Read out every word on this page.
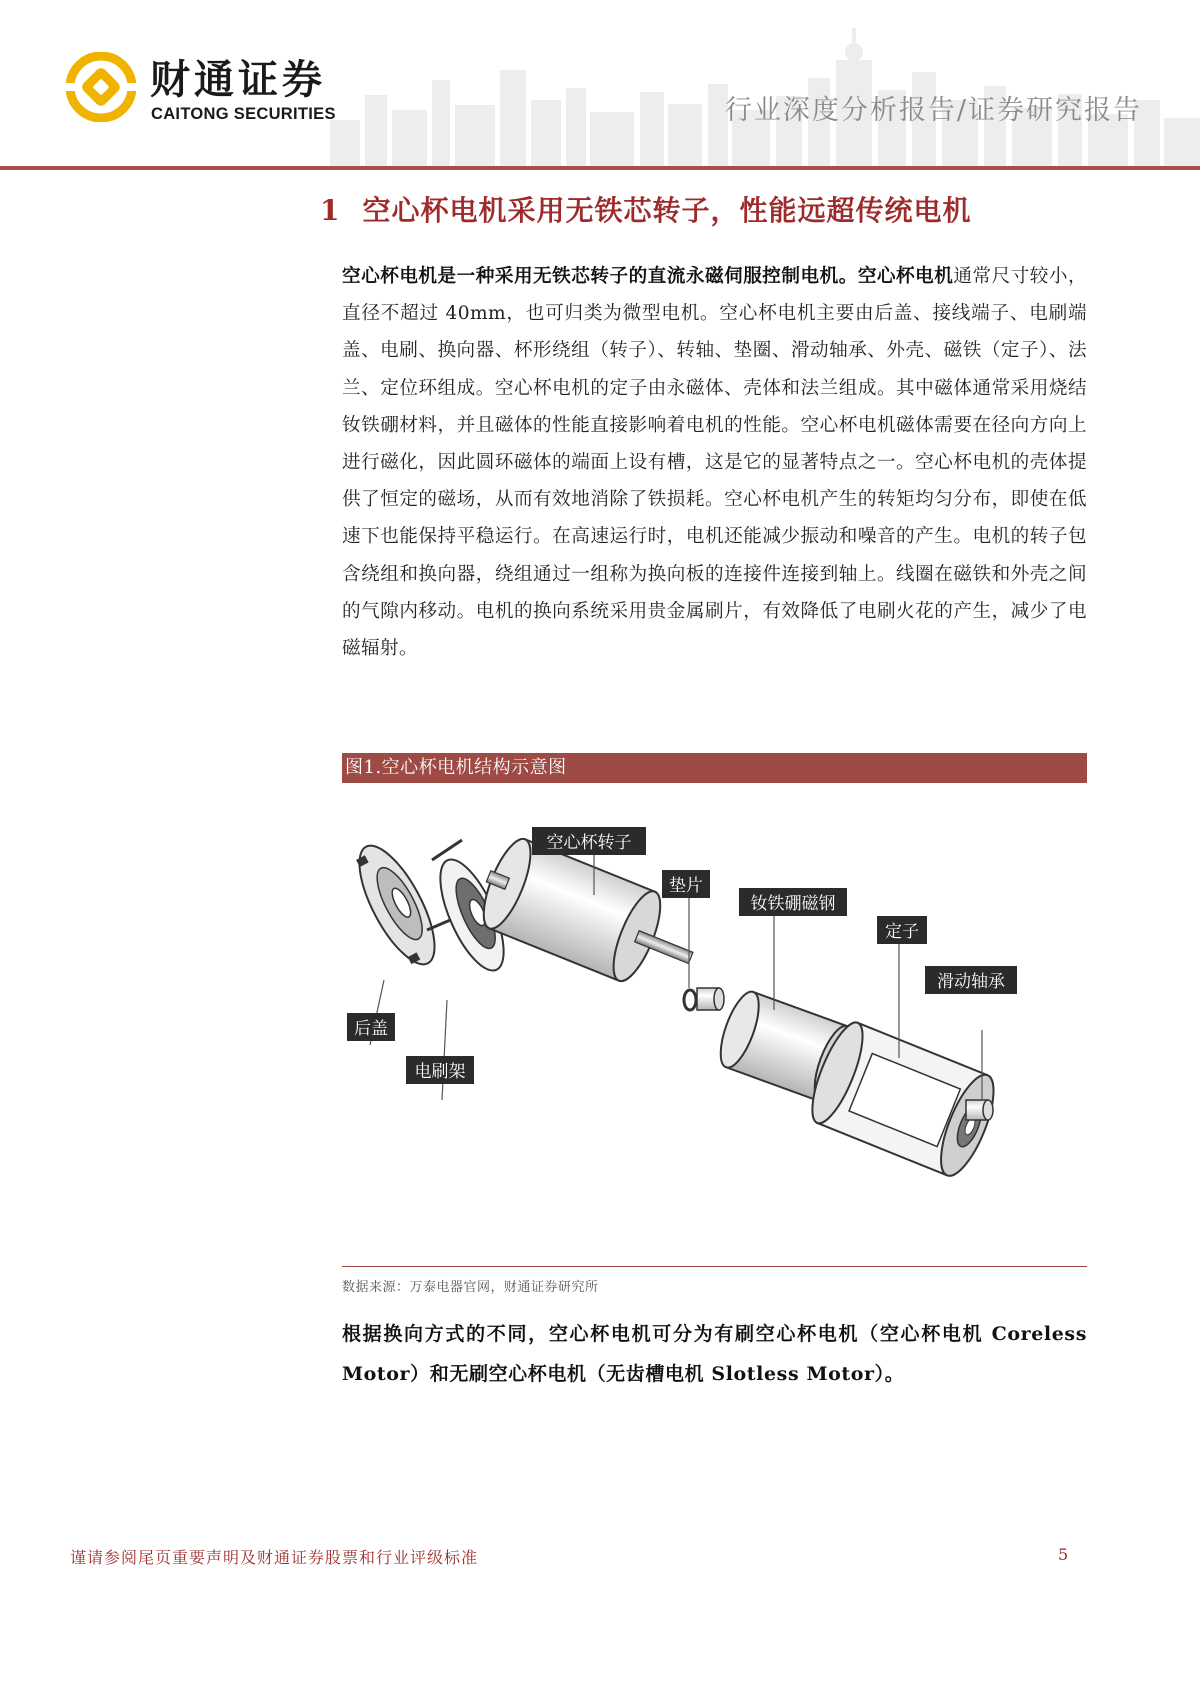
财通证券
CAITONG SECURITIES	行业深度分析报告/证券研究报告
1 空心杯电机采用无铁芯转子，性能远超传统电机
空心杯电机是一种采用无铁芯转子的直流永磁伺服控制电机。空心杯电机通常尺寸较小，直径不超过 40mm，也可归类为微型电机。空心杯电机主要由后盖、接线端子、电刷端盖、电刷、换向器、杯形绕组（转子）、转轴、垫圈、滑动轴承、外壳、磁铁（定子）、法兰、定位环组成。空心杯电机的定子由永磁体、壳体和法兰组成。其中磁体通常采用烧结钕铁硼材料，并且磁体的性能直接影响着电机的性能。空心杯电机磁体需要在径向方向上进行磁化，因此圆环磁体的端面上设有槽，这是它的显著特点之一。空心杯电机的壳体提供了恒定的磁场，从而有效地消除了铁损耗。空心杯电机产生的转矩均匀分布，即使在低速下也能保持平稳运行。在高速运行时，电机还能减少振动和噪音的产生。电机的转子包含绕组和换向器，绕组通过一组称为换向板的连接件连接到轴上。线圈在磁铁和外壳之间的气隙内移动。电机的换向系统采用贵金属刷片，有效降低了电刷火花的产生，减少了电磁辐射。
图1.空心杯电机结构示意图
空心杯转子
垫片
钕铁硼磁钢
定子
滑动轴承
后盖
电刷架
数据来源：万泰电器官网，财通证券研究所
根据换向方式的不同，空心杯电机可分为有刷空心杯电机（空心杯电机 Coreless Motor）和无刷空心杯电机（无齿槽电机 Slotless Motor）。
谨请参阅尾页重要声明及财通证券股票和行业评级标准	5
